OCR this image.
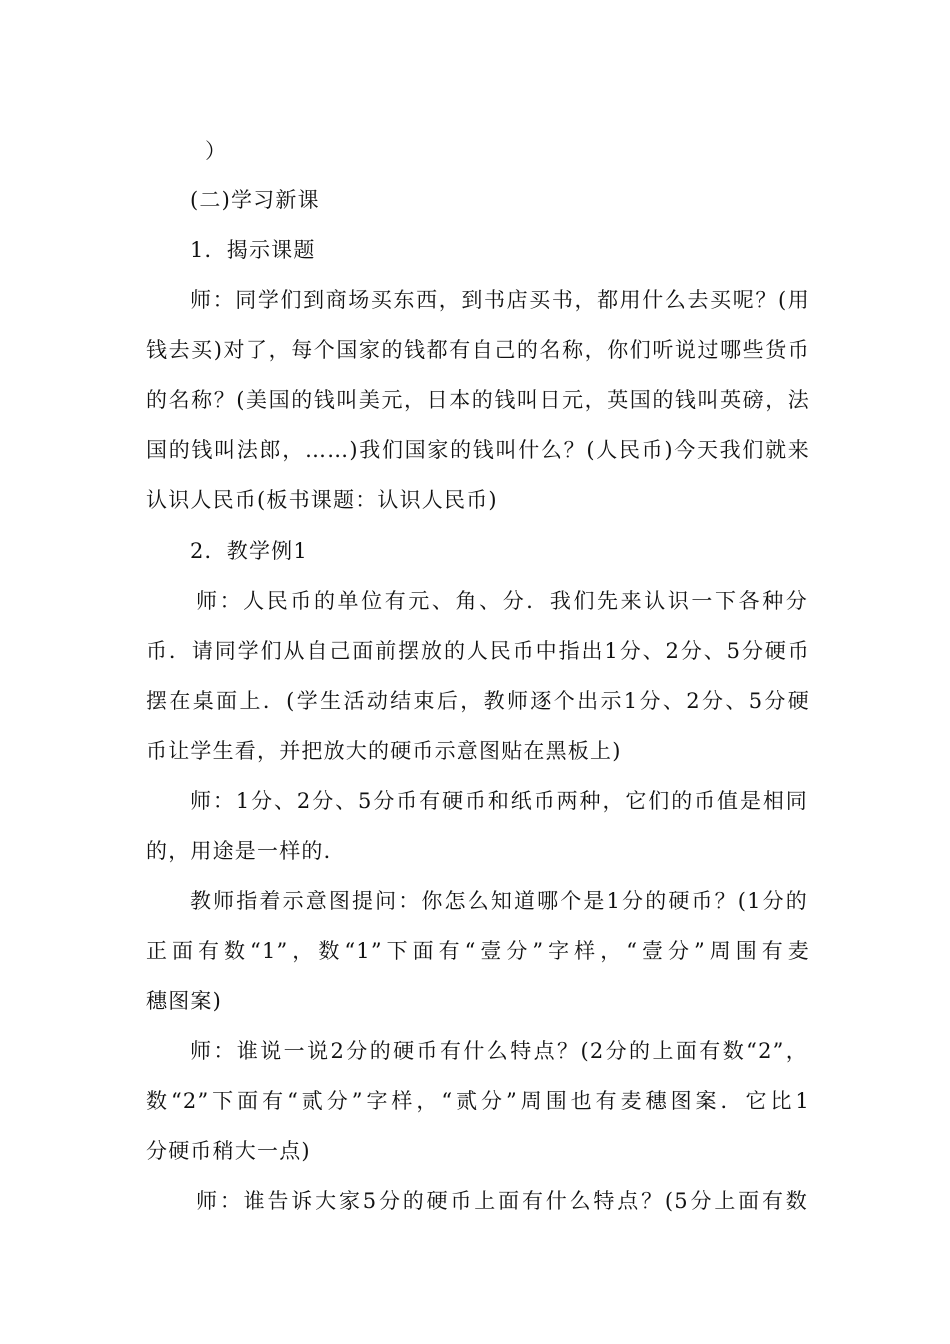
）
(二)学习新课
1．揭示课题
师：同学们到商场买东西，到书店买书，都用什么去买呢？(用
钱去买)对了，每个国家的钱都有自己的名称，你们听说过哪些货币
的名称？(美国的钱叫美元，日本的钱叫日元，英国的钱叫英磅，法
国的钱叫法郎，……)我们国家的钱叫什么？(人民币)今天我们就来
认识人民币(板书课题：认识人民币)
2．教学例1
师：人民币的单位有元、角、分．我们先来认识一下各种分
币．请同学们从自己面前摆放的人民币中指出1分、2分、5分硬币
摆在桌面上．(学生活动结束后，教师逐个出示1分、2分、5分硬
币让学生看，并把放大的硬币示意图贴在黑板上)
师：1分、2分、5分币有硬币和纸币两种，它们的币值是相同
的，用途是一样的．
教师指着示意图提问：你怎么知道哪个是1分的硬币？(1分的
正面有数“1”，数“1”下面有“壹分”字样，“壹分”周围有麦
穗图案)
师：谁说一说2分的硬币有什么特点？(2分的上面有数“2”，
数“2”下面有“贰分”字样，“贰分”周围也有麦穗图案．它比1
分硬币稍大一点)
师：谁告诉大家5分的硬币上面有什么特点？(5分上面有数
